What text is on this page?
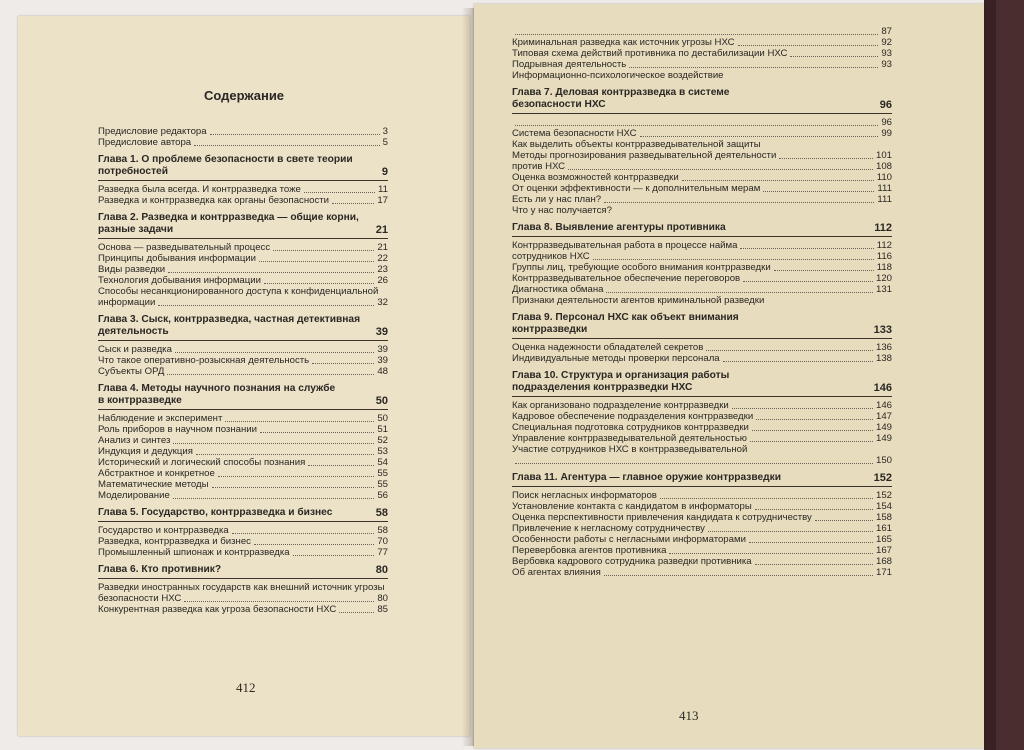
Содержание
Предисловие редактора	3
Предисловие автора	5
Глава 1. О проблеме безопасности в свете теории
потребностей	9
Разведка была всегда. И контрразведка тоже	11
Разведка и контрразведка как органы безопасности	17
Глава 2. Разведка и контрразведка — общие корни,
разные задачи	21
Основа — разведывательный процесс	21
Принципы добывания информации	22
Виды разведки	23
Технология добывания информации	26
Способы несанкционированного доступа к конфиденциальной
информации	32
Глава 3. Сыск, контрразведка, частная детективная
деятельность	39
Сыск и разведка	39
Что такое оперативно-розыскная деятельность	39
Субъекты ОРД	48
Глава 4. Методы научного познания на службе
в контрразведке	50
Наблюдение и эксперимент	50
Роль приборов в научном познании	51
Анализ и синтез	52
Индукция и дедукция	53
Исторический и логический способы познания	54
Абстрактное и конкретное	55
Математические методы	55
Моделирование	56
Глава 5. Государство, контрразведка и бизнес	58
Государство и контрразведка	58
Разведка, контрразведка и бизнес	70
Промышленный шпионаж и контрразведка	77
Глава 6. Кто противник?	80
Разведки иностранных государств как внешний источник угрозы
безопасности НХС	80
Конкурентная разведка как угроза безопасности НХС	85
412
87
Криминальная разведка как источник угрозы НХС	92
Типовая схема действий противника по дестабилизации НХС	93
Подрывная деятельность	93
Информационно-психологическое воздействие
Глава 7. Деловая контрразведка в системе
безопасности НХС	96
96
Система безопасности НХС	99
Как выделить объекты контрразведывательной защиты
Методы прогнозирования разведывательной деятельности	101
против НХС	108
Оценка возможностей контрразведки	110
От оценки эффективности — к дополнительным мерам	111
Есть ли у нас план?	111
Что у нас получается?
Глава 8. Выявление агентуры противника	112
Контрразведывательная работа в процессе найма	112
сотрудников НХС	116
Группы лиц, требующие особого внимания контрразведки	118
Контрразведывательное обеспечение переговоров	120
Диагностика обмана	131
Признаки деятельности агентов криминальной разведки
Глава 9. Персонал НХС как объект внимания
контрразведки	133
Оценка надежности обладателей секретов	136
Индивидуальные методы проверки персонала	138
Глава 10. Структура и организация работы
подразделения контрразведки НХС	146
Как организовано подразделение контрразведки	146
Кадровое обеспечение подразделения контрразведки	147
Специальная подготовка сотрудников контрразведки	149
Управление контрразведывательной деятельностью	149
Участие сотрудников НХС в контрразведывательной
150
Глава 11. Агентура — главное оружие контрразведки	152
Поиск негласных информаторов	152
Установление контакта с кандидатом в информаторы	154
Оценка перспективности привлечения кандидата к сотрудничеству	158
Привлечение к негласному сотрудничеству	161
Особенности работы с негласными информаторами	165
Перевербовка агентов противника	167
Вербовка кадрового сотрудника разведки противника	168
Об агентах влияния	171
413
